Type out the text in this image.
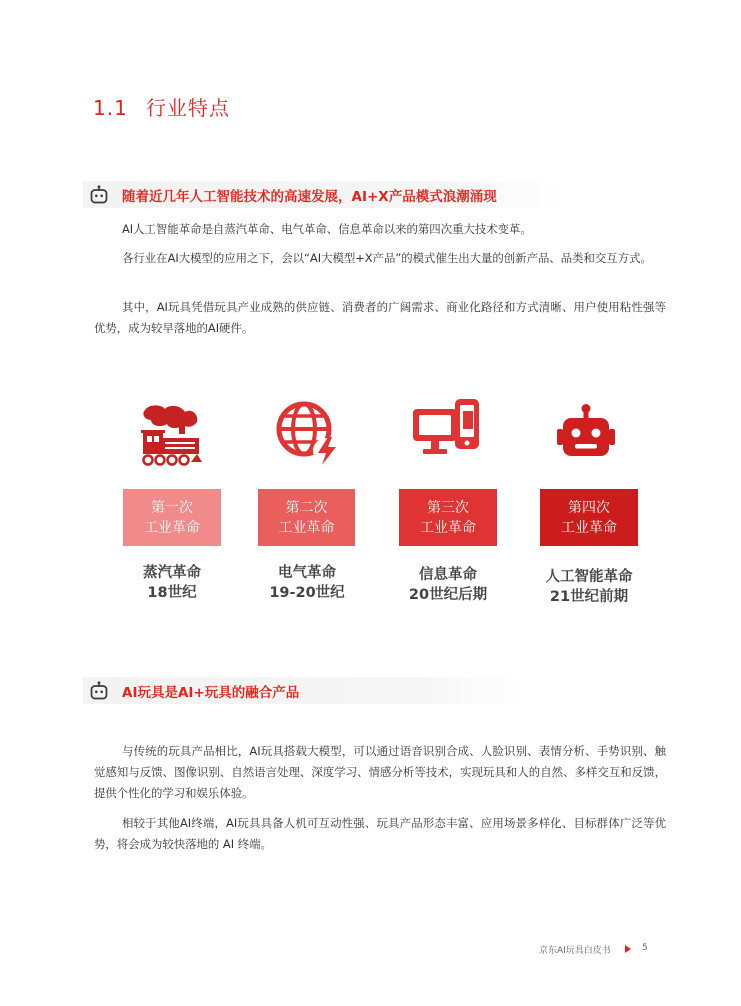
1.1 行业特点
随着近几年人工智能技术的高速发展，AI+X产品模式浪潮涌现

AI人工智能革命是自蒸汽革命、电气革命、信息革命以来的第四次重大技术变革。

各行业在AI大模型的应用之下，会以“AI大模型+X产品”的模式催生出大量的创新产品、品类和交互方式。

其中，AI玩具凭借玩具产业成熟的供应链、消费者的广阔需求、商业化路径和方式清晰、用户使用粘性强等优势，成为较早落地的AI硬件。

第一次
工业革命
第二次
工业革命
第三次
工业革命
第四次
工业革命
蒸汽革命
18世纪
电气革命
19-20世纪
信息革命
20世纪后期
人工智能革命
21世纪前期
AI玩具是AI+玩具的融合产品

与传统的玩具产品相比，AI玩具搭载大模型，可以通过语音识别合成、人脸识别、表情分析、手势识别、触觉感知与反馈、图像识别、自然语言处理、深度学习、情感分析等技术，实现玩具和人的自然、多样交互和反馈，提供个性化的学习和娱乐体验。

相较于其他AI终端，AI玩具具备人机可互动性强、玩具产品形态丰富、应用场景多样化、目标群体广泛等优势，将会成为较快落地的 AI 终端。

京东AI玩具白皮书	5
